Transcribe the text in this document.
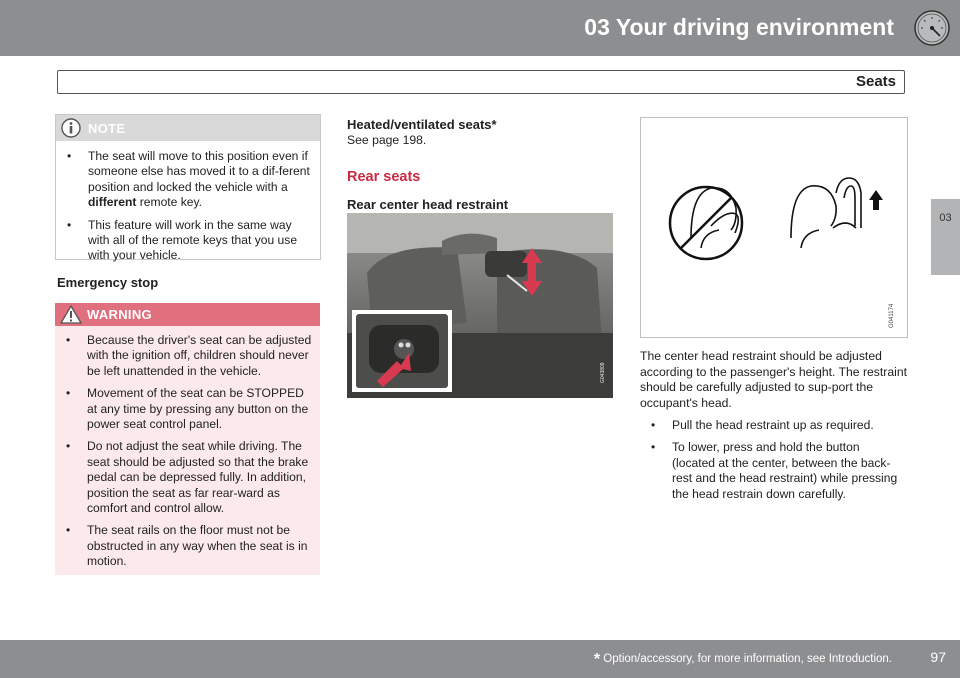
03 Your driving environment
Seats
03
NOTE
• The seat will move to this position even if someone else has moved it to a dif-ferent position and locked the vehicle with a different remote key.
• This feature will work in the same way with all of the remote keys that you use with your vehicle.
Emergency stop
WARNING
• Because the driver's seat can be adjusted with the ignition off, children should never be left unattended in the vehicle.
• Movement of the seat can be STOPPED at any time by pressing any button on the power seat control panel.
• Do not adjust the seat while driving. The seat should be adjusted so that the brake pedal can be depressed fully. In addition, position the seat as far rear-ward as comfort and control allow.
• The seat rails on the floor must not be obstructed in any way when the seat is in motion.
Heated/ventilated seats*
See page 198.
Rear seats
Rear center head restraint
G043809
G041174
The center head restraint should be adjusted according to the passenger's height. The restraint should be carefully adjusted to sup-port the occupant's head.
• Pull the head restraint up as required.
• To lower, press and hold the button (located at the center, between the back-rest and the head restraint) while pressing the head restrain down carefully.
* Option/accessory, for more information, see Introduction.	97
